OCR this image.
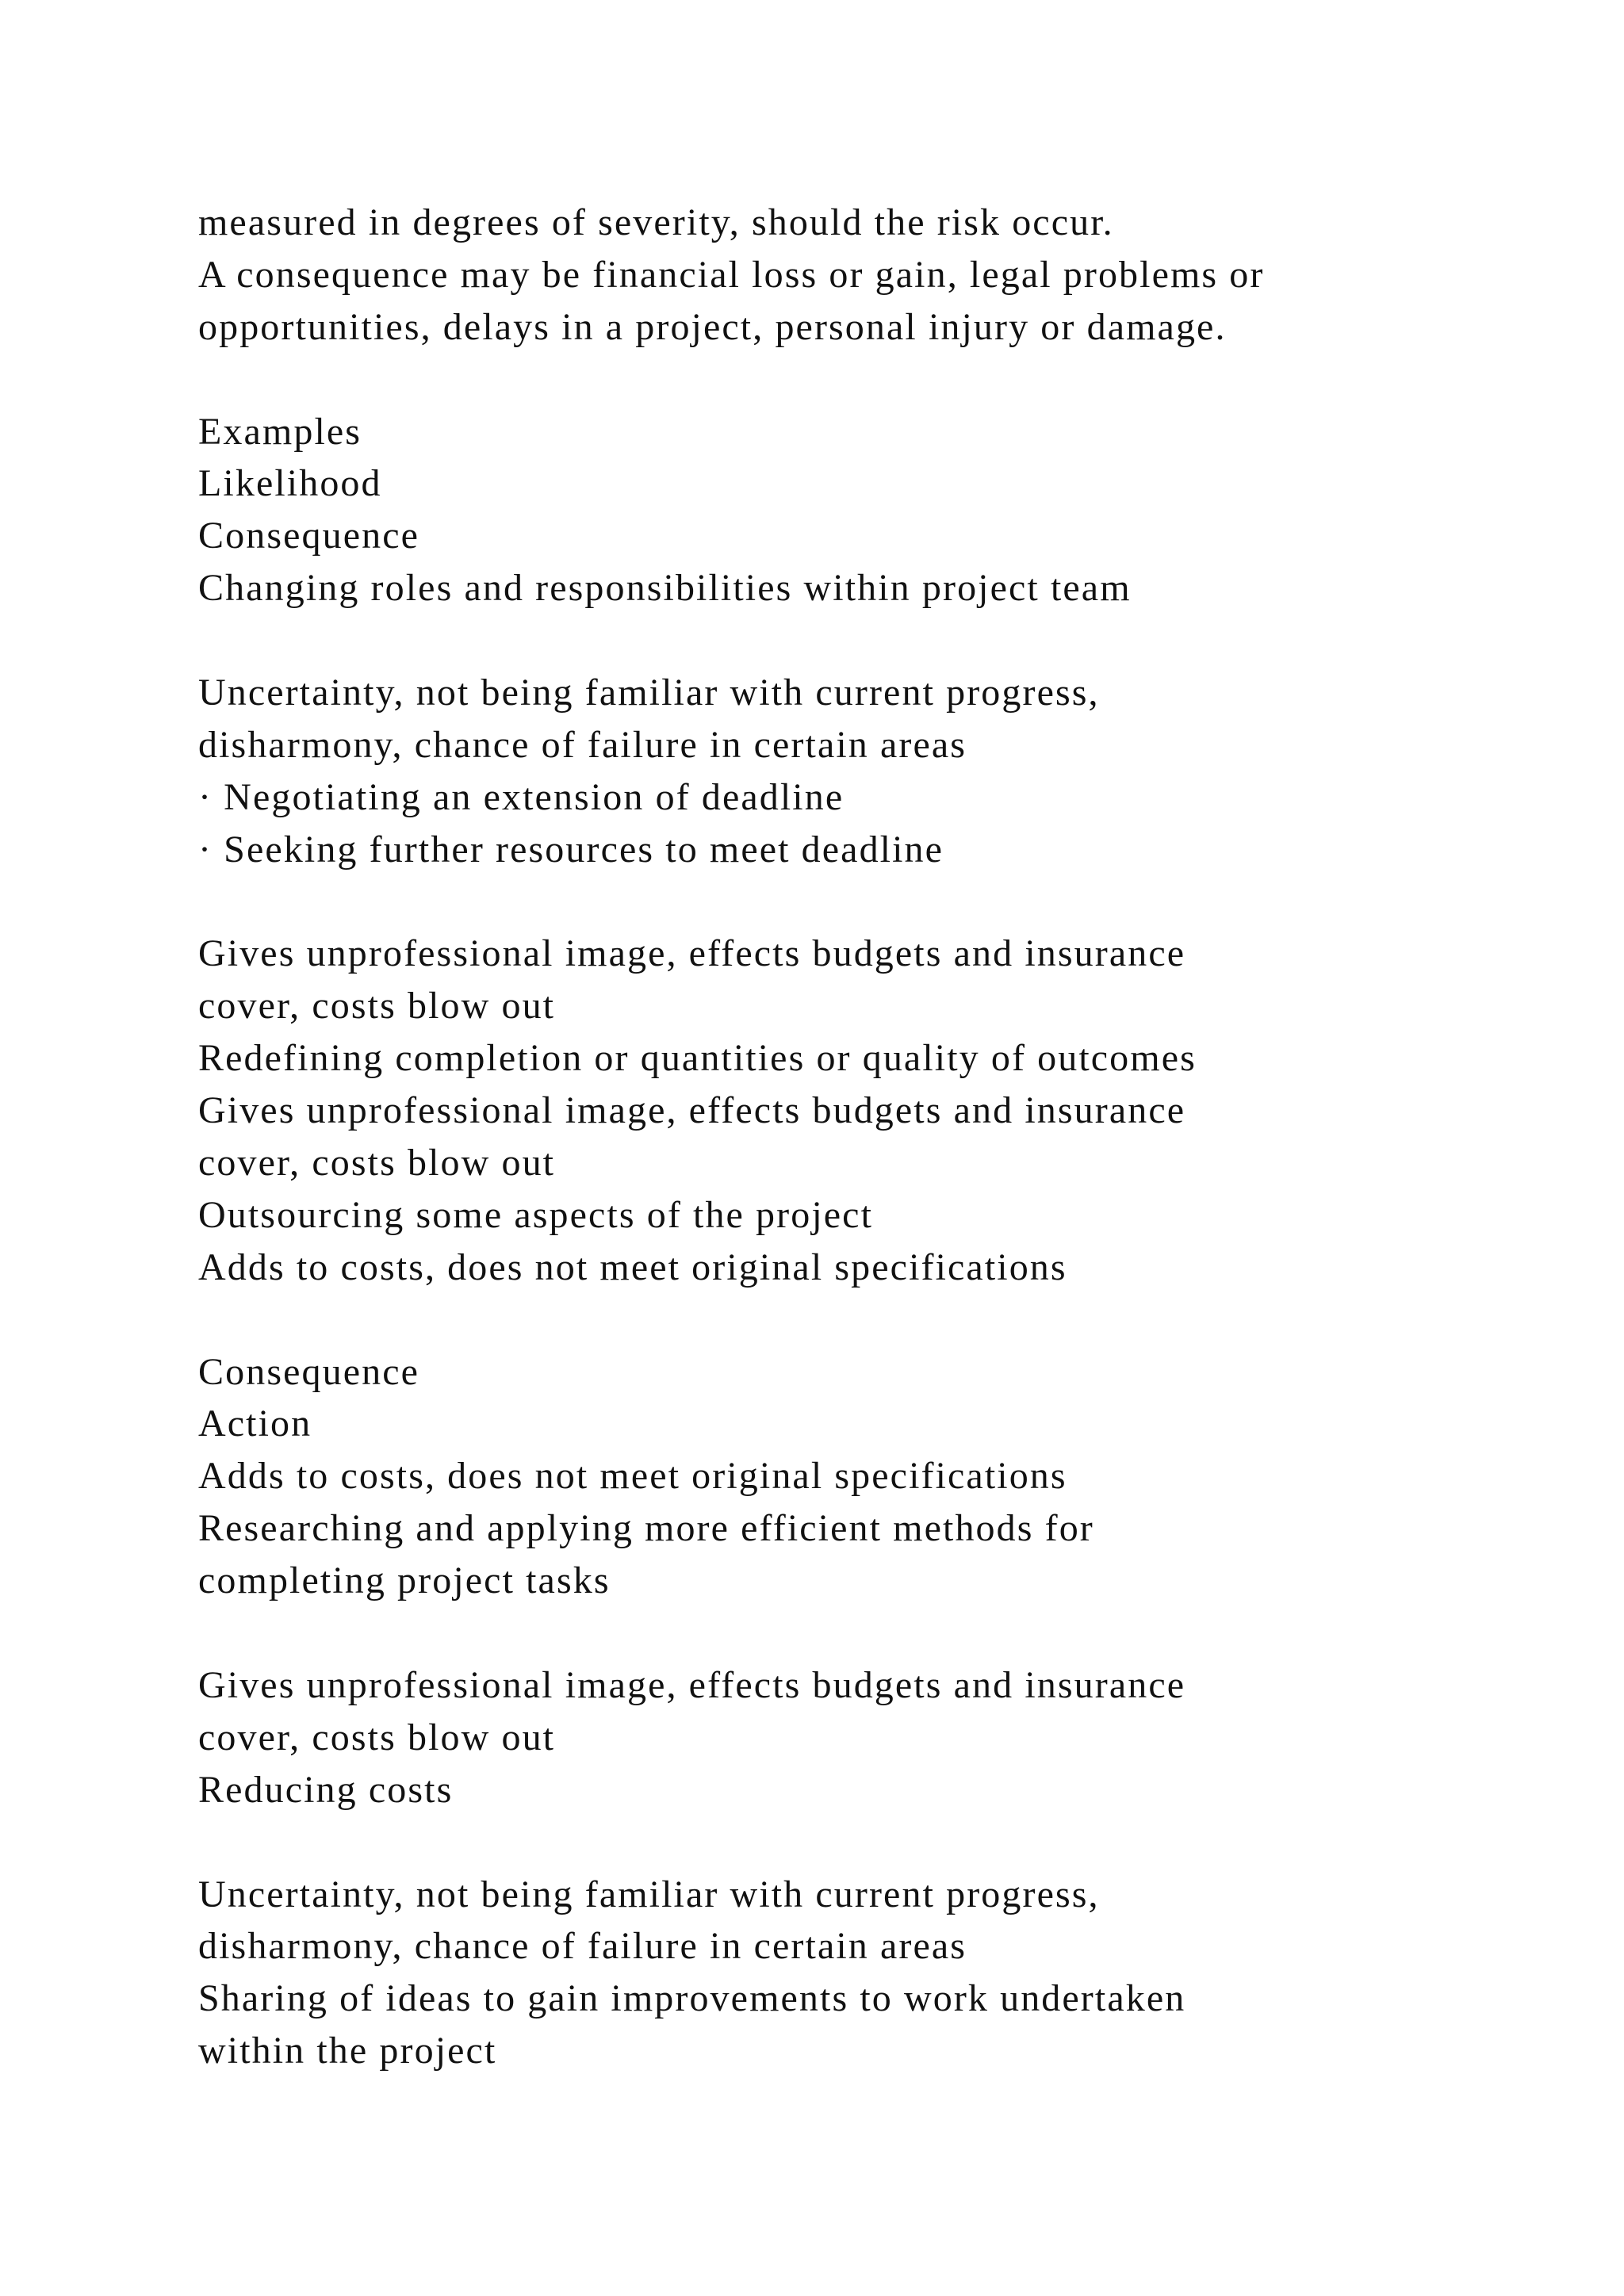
measured in degrees of severity, should the risk occur.
A consequence may be financial loss or gain, legal problems or
opportunities, delays in a project, personal injury or damage.
Examples
Likelihood
Consequence
Changing roles and responsibilities within project team
Uncertainty, not being familiar with current progress,
disharmony, chance of failure in certain areas
· Negotiating an extension of deadline
· Seeking further resources to meet deadline
Gives unprofessional image, effects budgets and insurance
cover, costs blow out
Redefining completion or quantities or quality of outcomes
Gives unprofessional image, effects budgets and insurance
cover, costs blow out
Outsourcing some aspects of the project
Adds to costs, does not meet original specifications
Consequence
Action
Adds to costs, does not meet original specifications
Researching and applying more efficient methods for
completing project tasks
Gives unprofessional image, effects budgets and insurance
cover, costs blow out
Reducing costs
Uncertainty, not being familiar with current progress,
disharmony, chance of failure in certain areas
Sharing of ideas to gain improvements to work undertaken
within the project
